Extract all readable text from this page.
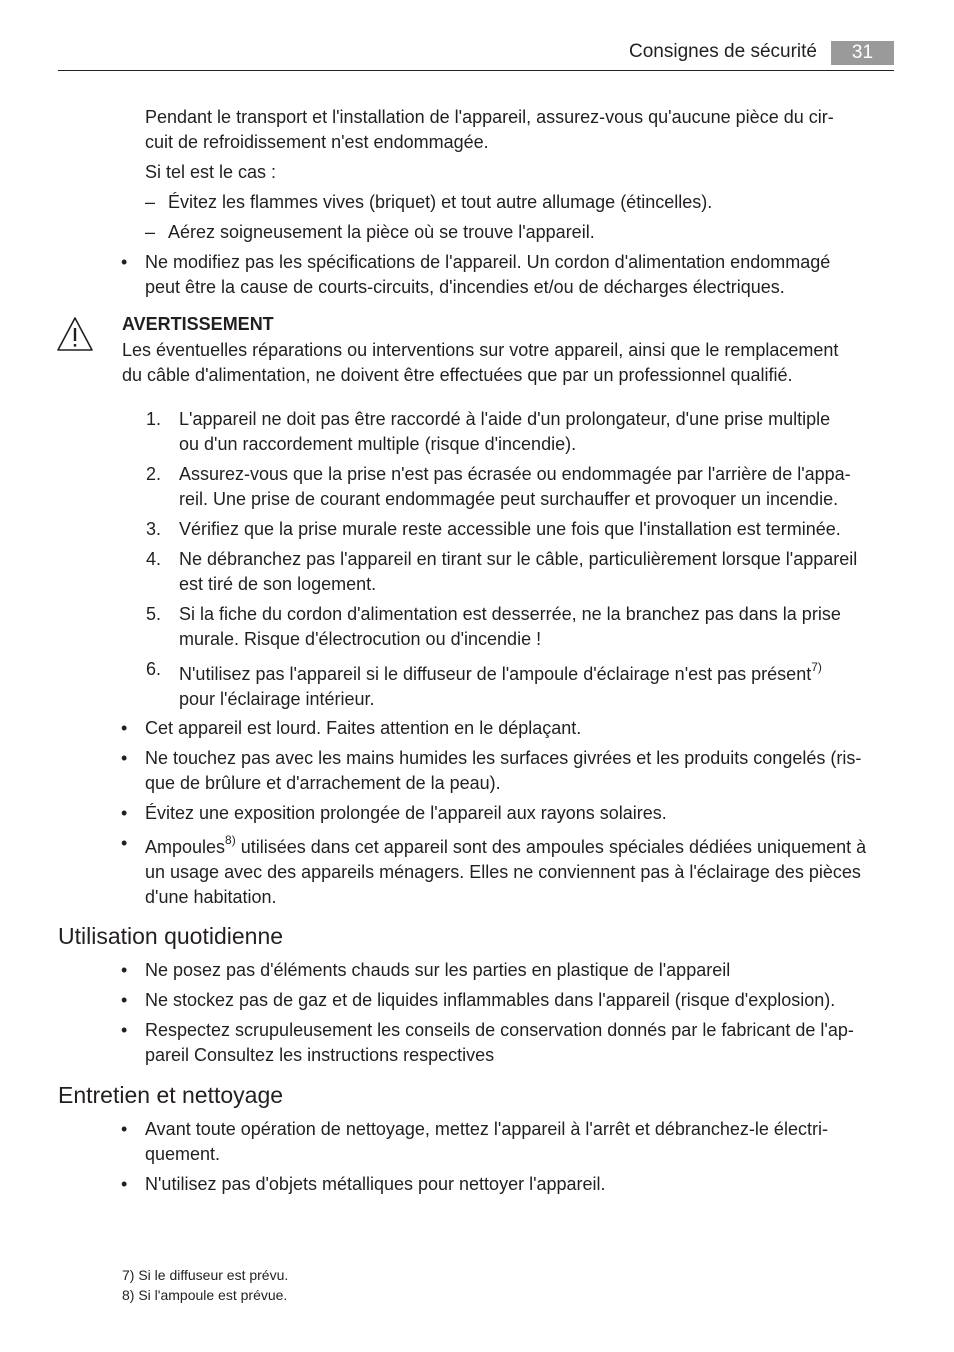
Consignes de sécurité	31
Pendant le transport et l'installation de l'appareil, assurez-vous qu'aucune pièce du cir-
cuit de refroidissement n'est endommagée.
Si tel est le cas :
– Évitez les flammes vives (briquet) et tout autre allumage (étincelles).
– Aérez soigneusement la pièce où se trouve l'appareil.
• Ne modifiez pas les spécifications de l'appareil. Un cordon d'alimentation endommagé
peut être la cause de courts-circuits, d'incendies et/ou de décharges électriques.
AVERTISSEMENT
Les éventuelles réparations ou interventions sur votre appareil, ainsi que le remplacement
du câble d'alimentation, ne doivent être effectuées que par un professionnel qualifié.
1. L'appareil ne doit pas être raccordé à l'aide d'un prolongateur, d'une prise multiple
ou d'un raccordement multiple (risque d'incendie).
2. Assurez-vous que la prise n'est pas écrasée ou endommagée par l'arrière de l'appa-
reil. Une prise de courant endommagée peut surchauffer et provoquer un incendie.
3. Vérifiez que la prise murale reste accessible une fois que l'installation est terminée.
4. Ne débranchez pas l'appareil en tirant sur le câble, particulièrement lorsque l'appareil
est tiré de son logement.
5. Si la fiche du cordon d'alimentation est desserrée, ne la branchez pas dans la prise
murale. Risque d'électrocution ou d'incendie !
6. N'utilisez pas l'appareil si le diffuseur de l'ampoule d'éclairage n'est pas présent$^{7)}$
pour l'éclairage intérieur.
• Cet appareil est lourd. Faites attention en le déplaçant.
• Ne touchez pas avec les mains humides les surfaces givrées et les produits congelés (ris-
que de brûlure et d'arrachement de la peau).
• Évitez une exposition prolongée de l'appareil aux rayons solaires.
• Ampoules$^{8)}$ utilisées dans cet appareil sont des ampoules spéciales dédiées uniquement à
un usage avec des appareils ménagers. Elles ne conviennent pas à l'éclairage des pièces
d'une habitation.
Utilisation quotidienne
• Ne posez pas d'éléments chauds sur les parties en plastique de l'appareil
• Ne stockez pas de gaz et de liquides inflammables dans l'appareil (risque d'explosion).
• Respectez scrupuleusement les conseils de conservation donnés par le fabricant de l'ap-
pareil Consultez les instructions respectives
Entretien et nettoyage
• Avant toute opération de nettoyage, mettez l'appareil à l'arrêt et débranchez-le électri-
quement.
• N'utilisez pas d'objets métalliques pour nettoyer l'appareil.
7) Si le diffuseur est prévu.
8) Si l'ampoule est prévue.
